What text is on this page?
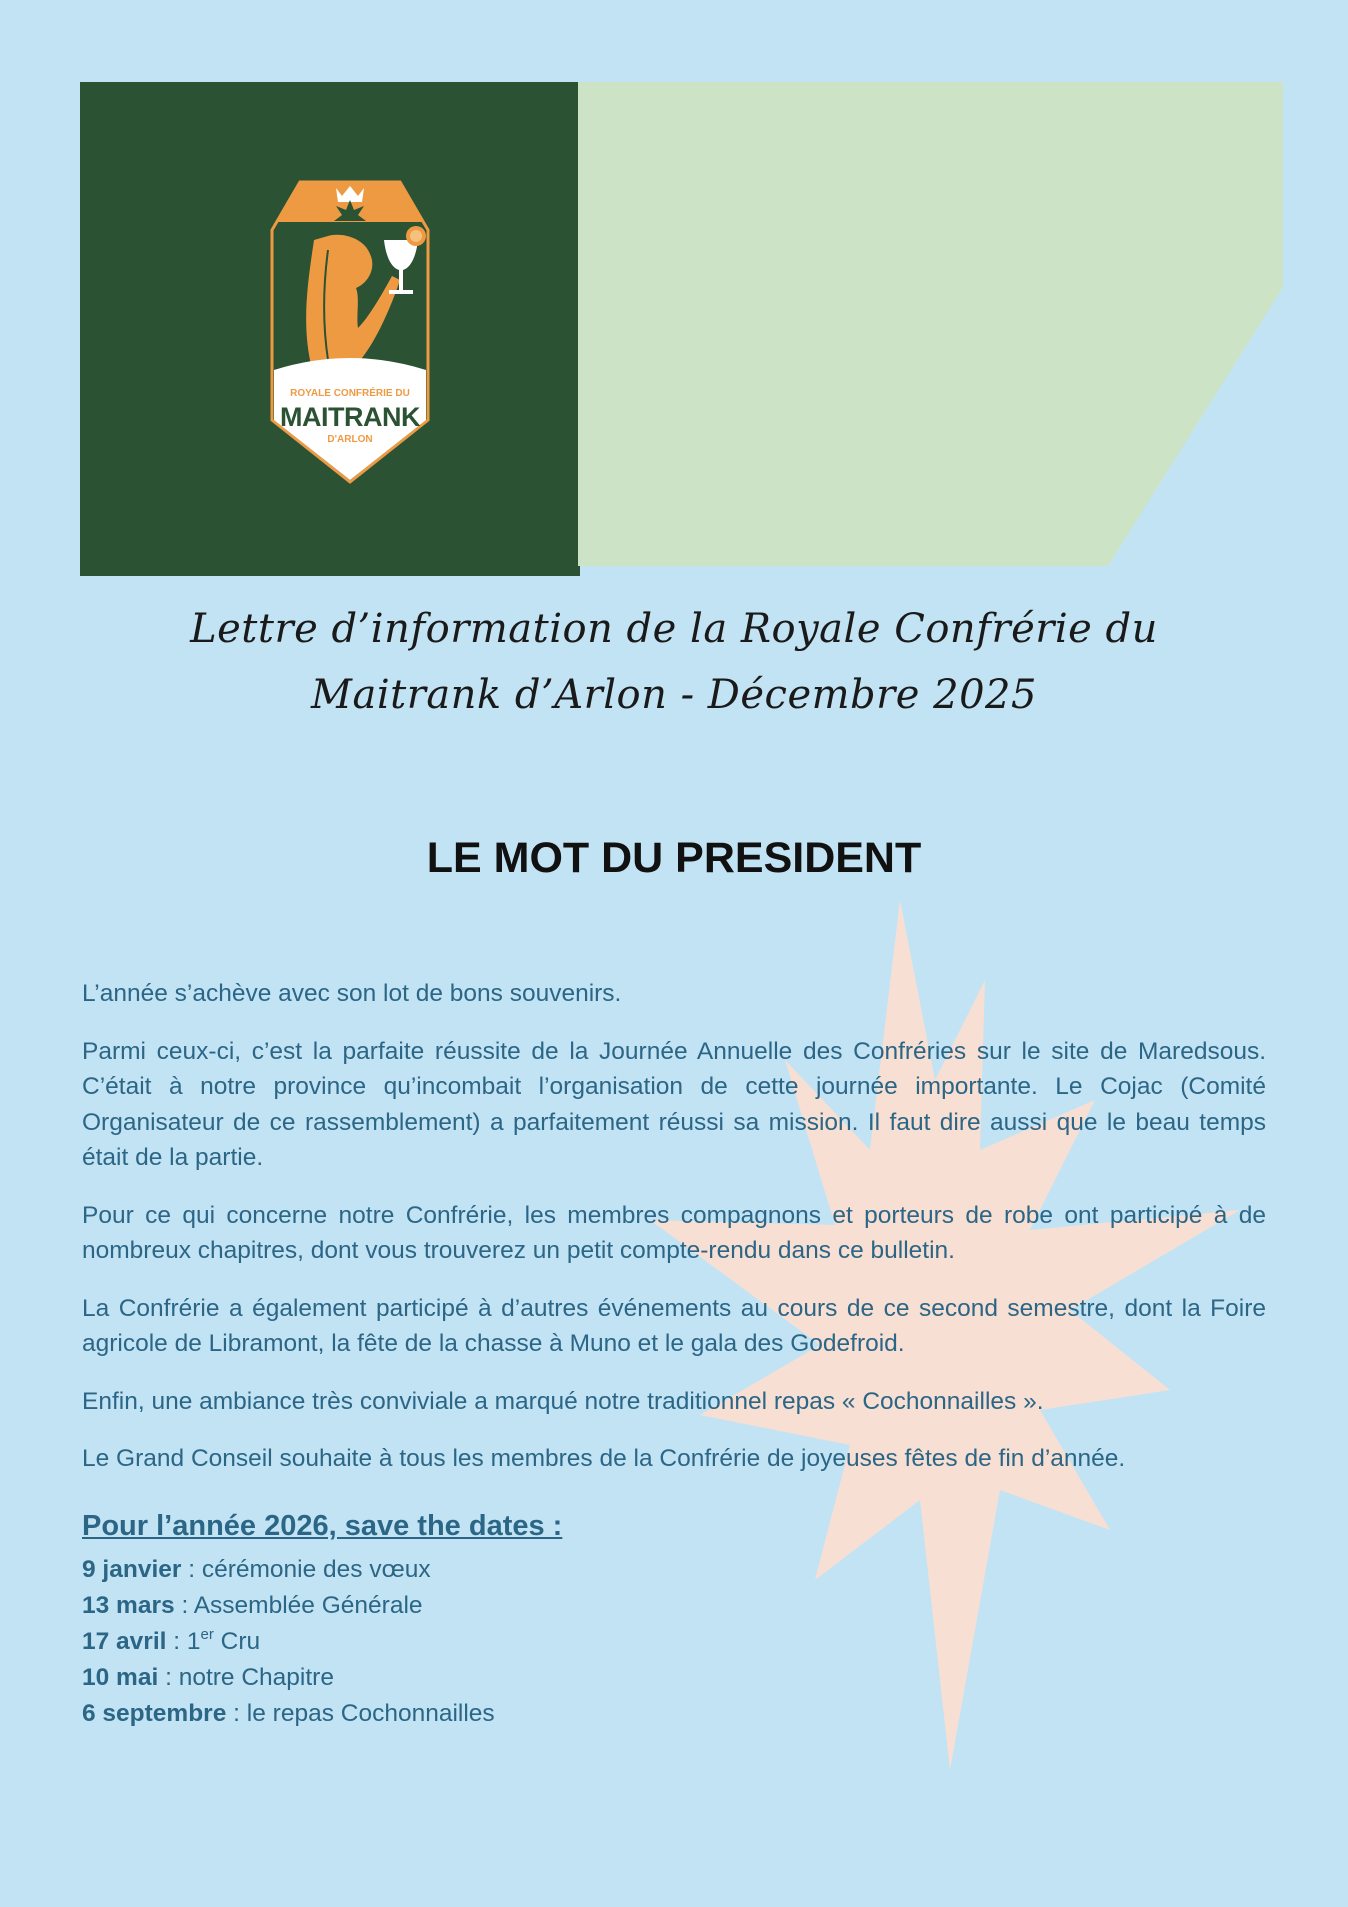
ROYALE CONFRÉRIE DU
MAITRANK
D'ARLON
Lettre d’information de la Royale Confrérie du
Maitrank d’Arlon - Décembre 2025
LE MOT DU PRESIDENT

L’année s’achève avec son lot de bons souvenirs.

Parmi ceux-ci, c’est la parfaite réussite de la Journée Annuelle des Confréries sur le site de Maredsous. C’était à notre province qu’incombait l’organisation de cette journée importante. Le Cojac (Comité Organisateur de ce rassemblement) a parfaitement réussi sa mission. Il faut dire aussi que le beau temps était de la partie.

Pour ce qui concerne notre Confrérie, les membres compagnons et porteurs de robe ont participé à de nombreux chapitres, dont vous trouverez un petit compte-rendu dans ce bulletin.

La Confrérie a également participé à d’autres événements au cours de ce second semestre, dont la Foire agricole de Libramont, la fête de la chasse à Muno et le gala des Godefroid.

Enfin, une ambiance très conviviale a marqué notre traditionnel repas « Cochonnailles ».

Le Grand Conseil souhaite à tous les membres de la Confrérie de joyeuses fêtes de fin d’année.

Pour l’année 2026, save the dates :
9 janvier : cérémonie des vœux
13 mars : Assemblée Générale
17 avril : 1er Cru
10 mai : notre Chapitre
6 septembre : le repas Cochonnailles
